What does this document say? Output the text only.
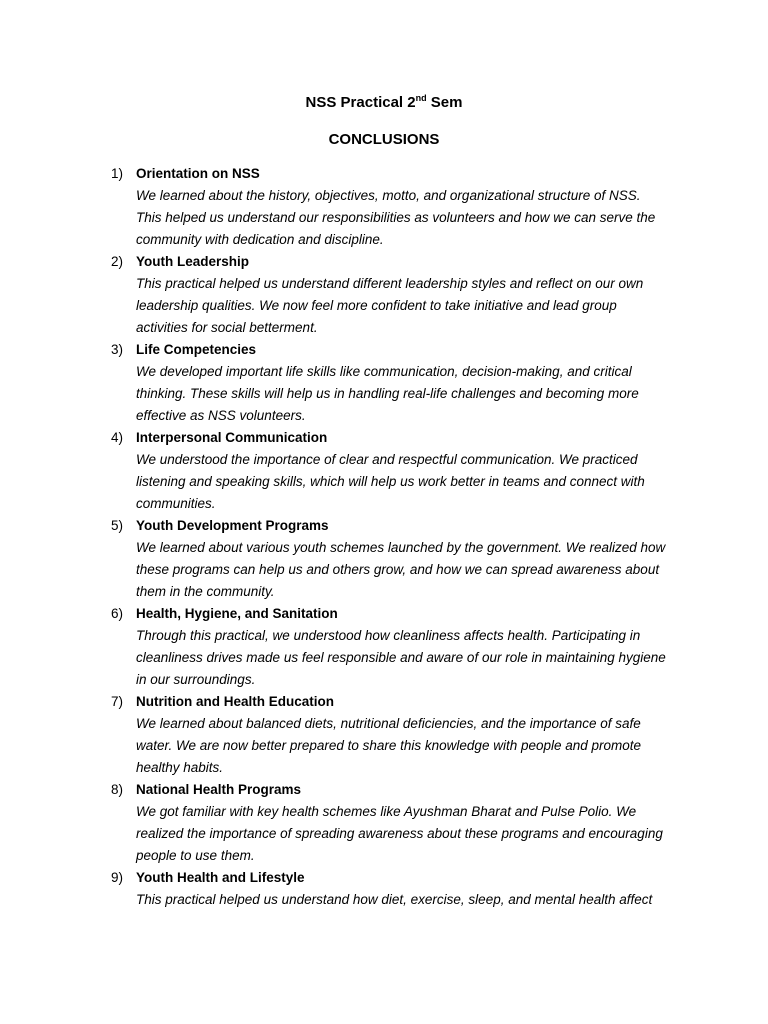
NSS Practical 2nd Sem
CONCLUSIONS
1) Orientation on NSS
We learned about the history, objectives, motto, and organizational structure of NSS.
This helped us understand our responsibilities as volunteers and how we can serve the
community with dedication and discipline.
2) Youth Leadership
This practical helped us understand different leadership styles and reflect on our own
leadership qualities. We now feel more confident to take initiative and lead group
activities for social betterment.
3) Life Competencies
We developed important life skills like communication, decision-making, and critical
thinking. These skills will help us in handling real-life challenges and becoming more
effective as NSS volunteers.
4) Interpersonal Communication
We understood the importance of clear and respectful communication. We practiced
listening and speaking skills, which will help us work better in teams and connect with
communities.
5) Youth Development Programs
We learned about various youth schemes launched by the government. We realized how
these programs can help us and others grow, and how we can spread awareness about
them in the community.
6) Health, Hygiene, and Sanitation
Through this practical, we understood how cleanliness affects health. Participating in
cleanliness drives made us feel responsible and aware of our role in maintaining hygiene
in our surroundings.
7) Nutrition and Health Education
We learned about balanced diets, nutritional deficiencies, and the importance of safe
water. We are now better prepared to share this knowledge with people and promote
healthy habits.
8) National Health Programs
We got familiar with key health schemes like Ayushman Bharat and Pulse Polio. We
realized the importance of spreading awareness about these programs and encouraging
people to use them.
9) Youth Health and Lifestyle
This practical helped us understand how diet, exercise, sleep, and mental health affect
